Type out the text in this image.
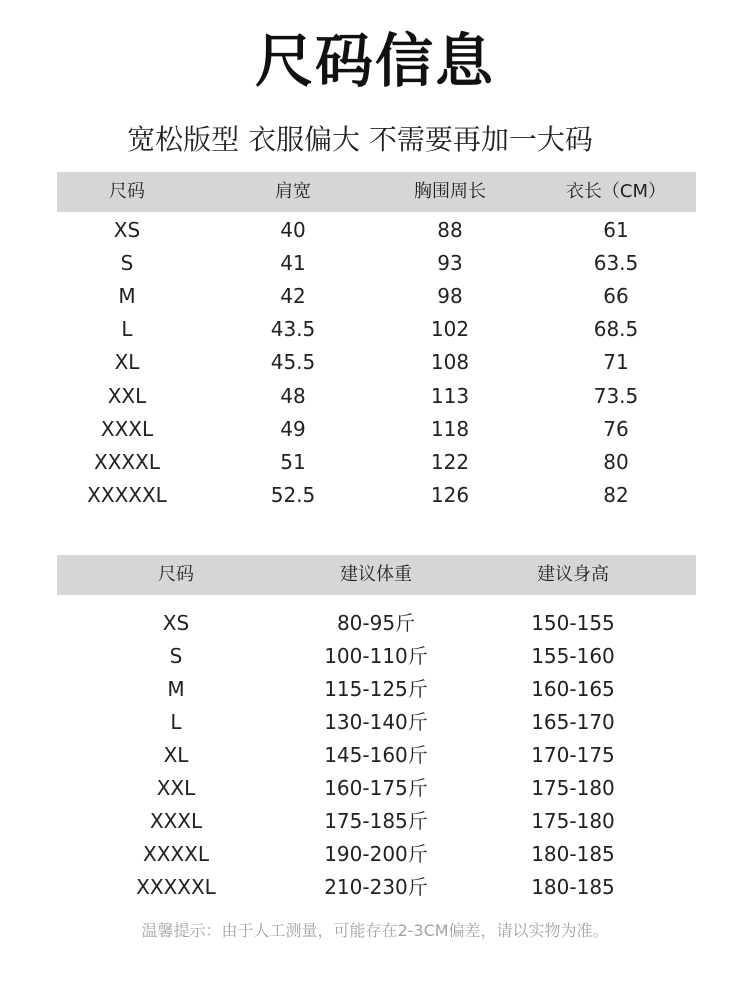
尺码信息
宽松版型 衣服偏大 不需要再加一大码
尺码	肩宽	胸围周长	衣长（CM）
XS	40	88	61
S	41	93	63.5
M	42	98	66
L	43.5	102	68.5
XL	45.5	108	71
XXL	48	113	73.5
XXXL	49	118	76
XXXXL	51	122	80
XXXXXL	52.5	126	82
尺码	建议体重	建议身高
XS	80-95斤	150-155
S	100-110斤	155-160
M	115-125斤	160-165
L	130-140斤	165-170
XL	145-160斤	170-175
XXL	160-175斤	175-180
XXXL	175-185斤	175-180
XXXXL	190-200斤	180-185
XXXXXL	210-230斤	180-185
温馨提示：由于人工测量，可能存在2-3CM偏差，请以实物为准。
